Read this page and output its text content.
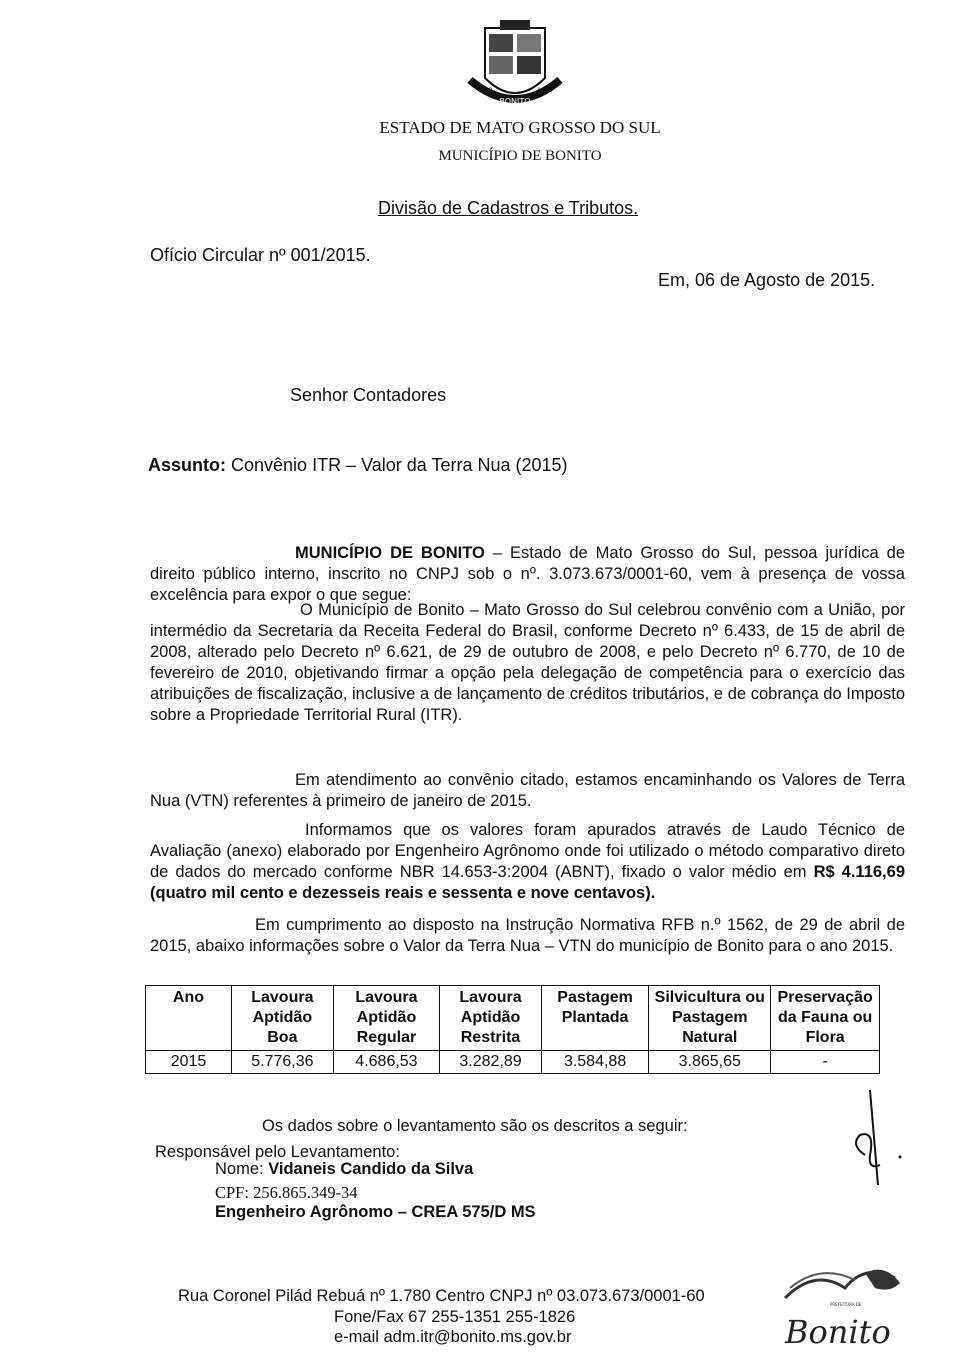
BONITO
2 10	1948
ESTADO DE MATO GROSSO DO SUL
MUNICÍPIO DE BONITO
Divisão de Cadastros e Tributos.
Ofício Circular nº 001/2015.
Em, 06 de Agosto de 2015.
Senhor Contadores
Assunto: Convênio ITR – Valor da Terra Nua (2015)
MUNICÍPIO DE BONITO – Estado de Mato Grosso do Sul, pessoa jurídica de direito público interno, inscrito no CNPJ sob o nº. 3.073.673/0001-60, vem à presença de vossa excelência para expor o que segue:
O Município de Bonito – Mato Grosso do Sul celebrou convênio com a União, por intermédio da Secretaria da Receita Federal do Brasil, conforme Decreto nº 6.433, de 15 de abril de 2008, alterado pelo Decreto nº 6.621, de 29 de outubro de 2008, e pelo Decreto nº 6.770, de 10 de fevereiro de 2010, objetivando firmar a opção pela delegação de competência para o exercício das atribuições de fiscalização, inclusive a de lançamento de créditos tributários, e de cobrança do Imposto sobre a Propriedade Territorial Rural (ITR).
Em atendimento ao convênio citado, estamos encaminhando os Valores de Terra Nua (VTN) referentes à primeiro de janeiro de 2015.
Informamos que os valores foram apurados através de Laudo Técnico de Avaliação (anexo) elaborado por Engenheiro Agrônomo onde foi utilizado o método comparativo direto de dados do mercado conforme NBR 14.653-3:2004 (ABNT), fixado o valor médio em R$ 4.116,69 (quatro mil cento e dezesseis reais e sessenta e nove centavos).
Em cumprimento ao disposto na Instrução Normativa RFB n.º 1562, de 29 de abril de 2015, abaixo informações sobre o Valor da Terra Nua – VTN do município de Bonito para o ano 2015.
Ano	Lavoura Aptidão Boa	Lavoura Aptidão Regular	Lavoura Aptidão Restrita	Pastagem Plantada	Silvicultura ou Pastagem Natural	Preservação da Fauna ou Flora
2015	5.776,36	4.686,53	3.282,89	3.584,88	3.865,65	-
Os dados sobre o levantamento são os descritos a seguir:
Responsável pelo Levantamento:
Nome: Vidaneis Candido da Silva
CPF: 256.865.349-34
Engenheiro Agrônomo – CREA 575/D MS
Rua Coronel Pilád Rebuá nº 1.780 Centro CNPJ nº 03.073.673/0001-60
Fone/Fax 67 255-1351 255-1826
e-mail adm.itr@bonito.ms.gov.br
PREFEITURA DE
Bonito
